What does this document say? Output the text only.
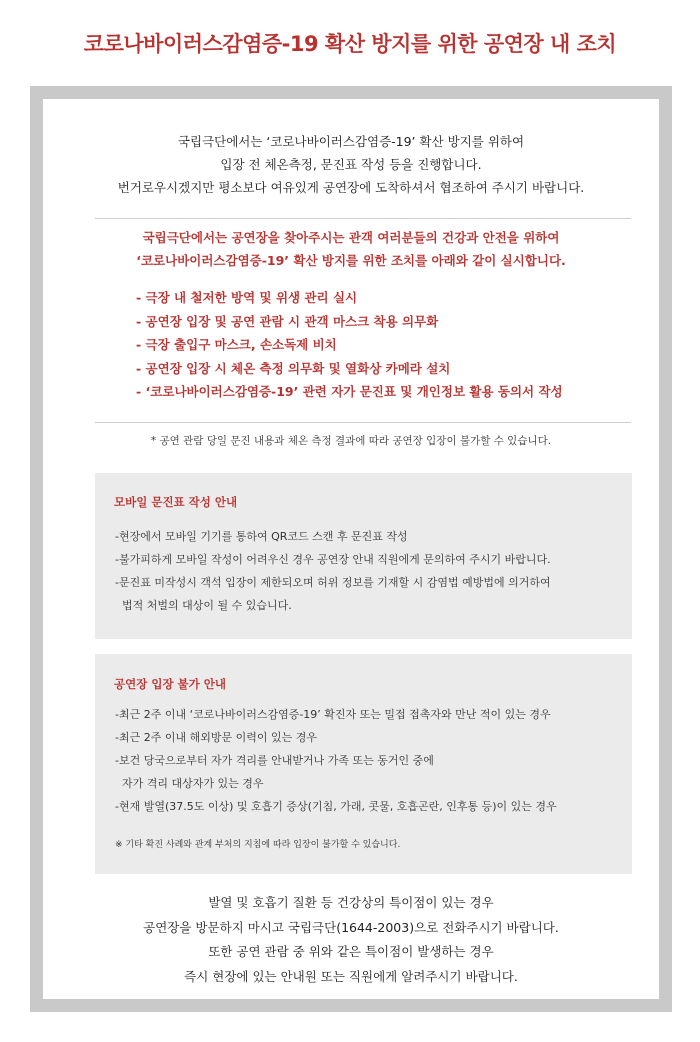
코로나바이러스감염증-19 확산 방지를 위한 공연장 내 조치

국립극단에서는 ‘코로나바이러스감염증-19’ 확산 방지를 위하여

입장 전 체온측정, 문진표 작성 등을 진행합니다.

번거로우시겠지만 평소보다 여유있게 공연장에 도착하셔서 협조하여 주시기 바랍니다.

국립극단에서는 공연장을 찾아주시는 관객 여러분들의 건강과 안전을 위하여

‘코로나바이러스감염증-19’ 확산 방지를 위한 조치를 아래와 같이 실시합니다.

- 극장 내 철저한 방역 및 위생 관리 실시
- 공연장 입장 및 공연 관람 시 관객 마스크 착용 의무화
- 극장 출입구 마스크, 손소독제 비치
- 공연장 입장 시 체온 측정 의무화 및 열화상 카메라 설치
- ‘코로나바이러스감염증-19’ 관련 자가 문진표 및 개인정보 활용 동의서 작성

* 공연 관람 당일 문진 내용과 체온 측정 결과에 따라 공연장 입장이 불가할 수 있습니다.

모바일 문진표 작성 안내
-현장에서 모바일 기기를 통하여 QR코드 스캔 후 문진표 작성
-불가피하게 모바일 작성이 어려우신 경우 공연장 안내 직원에게 문의하여 주시기 바랍니다.
-문진표 미작성시 객석 입장이 제한되오며 허위 정보를 기재할 시 감염법 예방법에 의거하여
법적 처벌의 대상이 될 수 있습니다.
공연장 입장 불가 안내
-최근 2주 이내 ‘코로나바이러스감염증-19’ 확진자 또는 밀접 접촉자와 만난 적이 있는 경우
-최근 2주 이내 해외방문 이력이 있는 경우
-보건 당국으로부터 자가 격리를 안내받거나 가족 또는 동거인 중에
자가 격리 대상자가 있는 경우
-현재 발열(37.5도 이상) 및 호흡기 증상(기침, 가래, 콧물, 호흡곤란, 인후통 등)이 있는 경우

※ 기타 확진 사례와 관계 부처의 지침에 따라 입장이 불가할 수 있습니다.

발열 및 호흡기 질환 등 건강상의 특이점이 있는 경우

공연장을 방문하지 마시고 국립극단(1644-2003)으로 전화주시기 바랍니다.

또한 공연 관람 중 위와 같은 특이점이 발생하는 경우

즉시 현장에 있는 안내원 또는 직원에게 알려주시기 바랍니다.
